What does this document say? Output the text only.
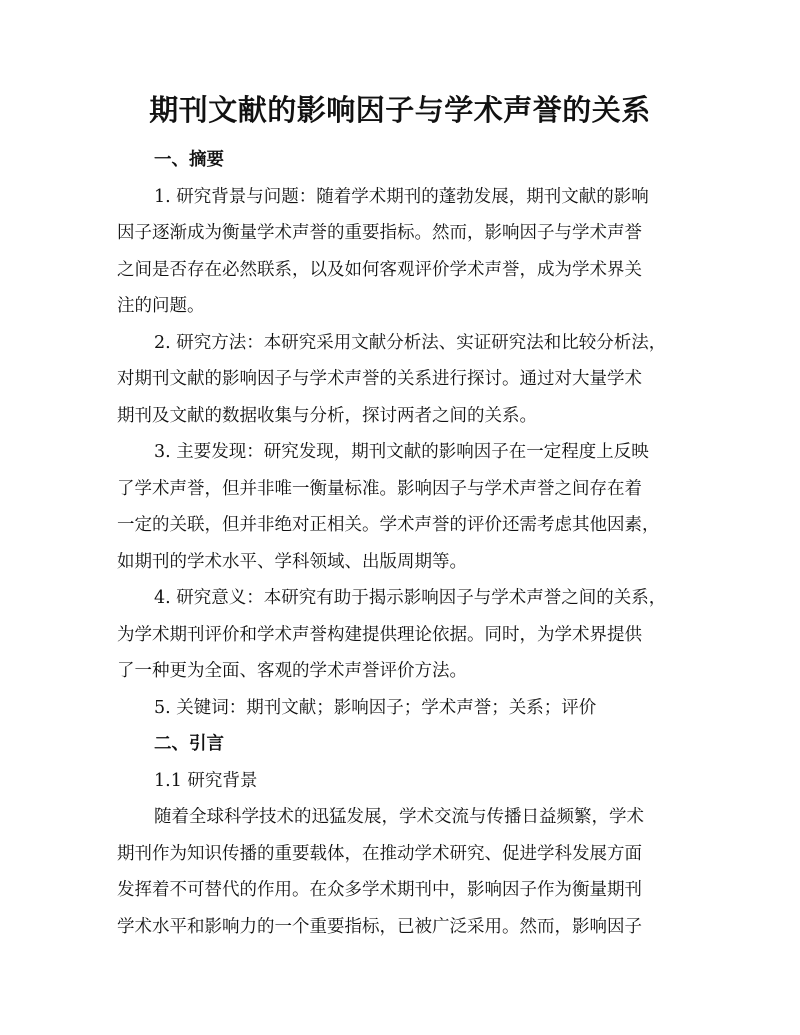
期刊文献的影响因子与学术声誉的关系
一、摘要
1. 研究背景与问题：随着学术期刊的蓬勃发展，期刊文献的影响
因子逐渐成为衡量学术声誉的重要指标。然而，影响因子与学术声誉
之间是否存在必然联系，以及如何客观评价学术声誉，成为学术界关
注的问题。
2. 研究方法：本研究采用文献分析法、实证研究法和比较分析法，
对期刊文献的影响因子与学术声誉的关系进行探讨。通过对大量学术
期刊及文献的数据收集与分析，探讨两者之间的关系。
3. 主要发现：研究发现，期刊文献的影响因子在一定程度上反映
了学术声誉，但并非唯一衡量标准。影响因子与学术声誉之间存在着
一定的关联，但并非绝对正相关。学术声誉的评价还需考虑其他因素，
如期刊的学术水平、学科领域、出版周期等。
4. 研究意义：本研究有助于揭示影响因子与学术声誉之间的关系，
为学术期刊评价和学术声誉构建提供理论依据。同时，为学术界提供
了一种更为全面、客观的学术声誉评价方法。
5. 关键词：期刊文献；影响因子；学术声誉；关系；评价
二、引言
1.1 研究背景
随着全球科学技术的迅猛发展，学术交流与传播日益频繁，学术
期刊作为知识传播的重要载体，在推动学术研究、促进学科发展方面
发挥着不可替代的作用。在众多学术期刊中，影响因子作为衡量期刊
学术水平和影响力的一个重要指标，已被广泛采用。然而，影响因子
